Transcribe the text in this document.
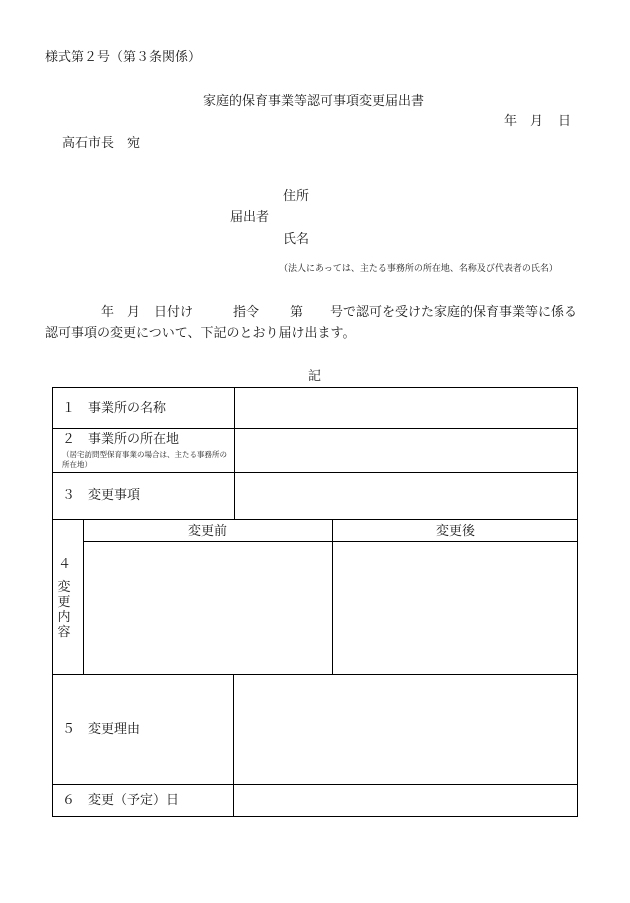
様式第２号（第３条関係）
家庭的保育事業等認可事項変更届出書
年 月 日
高石市長　宛
住所
届出者
氏名
（法人にあっては、主たる事務所の所在地、名称及び代表者の氏名）
年 月 日付け	指令 第 号で認可を受けた家庭的保育事業等に係る
認可事項の変更について、下記のとおり届け出ます。
記
１　事業所の名称
２　事業所の所在地
（居宅訪問型保育事業の場合は、主たる事務所の所在地）
３　変更事項
４
変
更
内
容
変更前	変更後
５　変更理由
６　変更（予定）日
